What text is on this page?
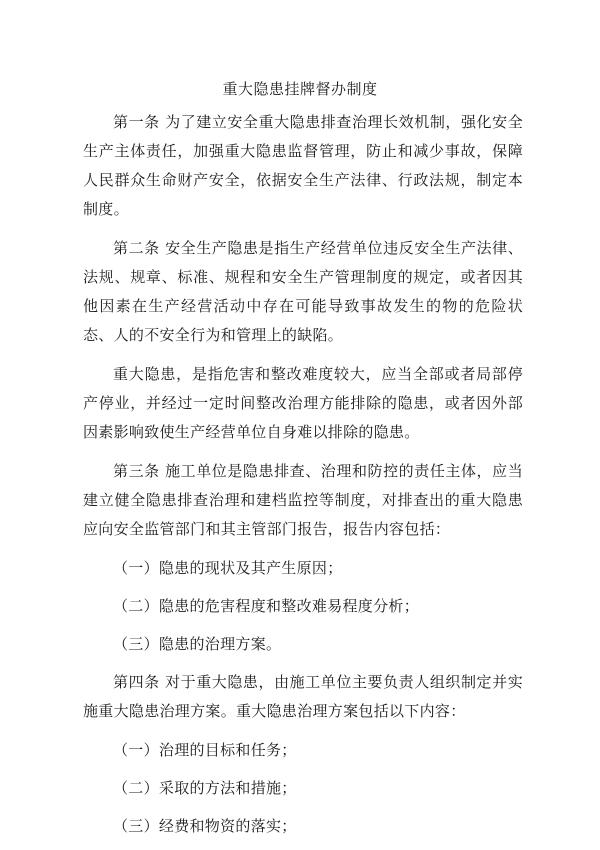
重大隐患挂牌督办制度

第一条 为了建立安全重大隐患排查治理长效机制，强化安全生产主体责任，加强重大隐患监督管理，防止和减少事故，保障人民群众生命财产安全，依据安全生产法律、行政法规，制定本制度。

第二条 安全生产隐患是指生产经营单位违反安全生产法律、法规、规章、标准、规程和安全生产管理制度的规定，或者因其他因素在生产经营活动中存在可能导致事故发生的物的危险状态、人的不安全行为和管理上的缺陷。

重大隐患，是指危害和整改难度较大，应当全部或者局部停产停业，并经过一定时间整改治理方能排除的隐患，或者因外部因素影响致使生产经营单位自身难以排除的隐患。

第三条 施工单位是隐患排查、治理和防控的责任主体，应当建立健全隐患排查治理和建档监控等制度，对排查出的重大隐患应向安全监管部门和其主管部门报告，报告内容包括：

（一）隐患的现状及其产生原因；

（二）隐患的危害程度和整改难易程度分析；

（三）隐患的治理方案。

第四条 对于重大隐患，由施工单位主要负责人组织制定并实施重大隐患治理方案。重大隐患治理方案包括以下内容：

（一）治理的目标和任务；

（二）采取的方法和措施；

（三）经费和物资的落实；
